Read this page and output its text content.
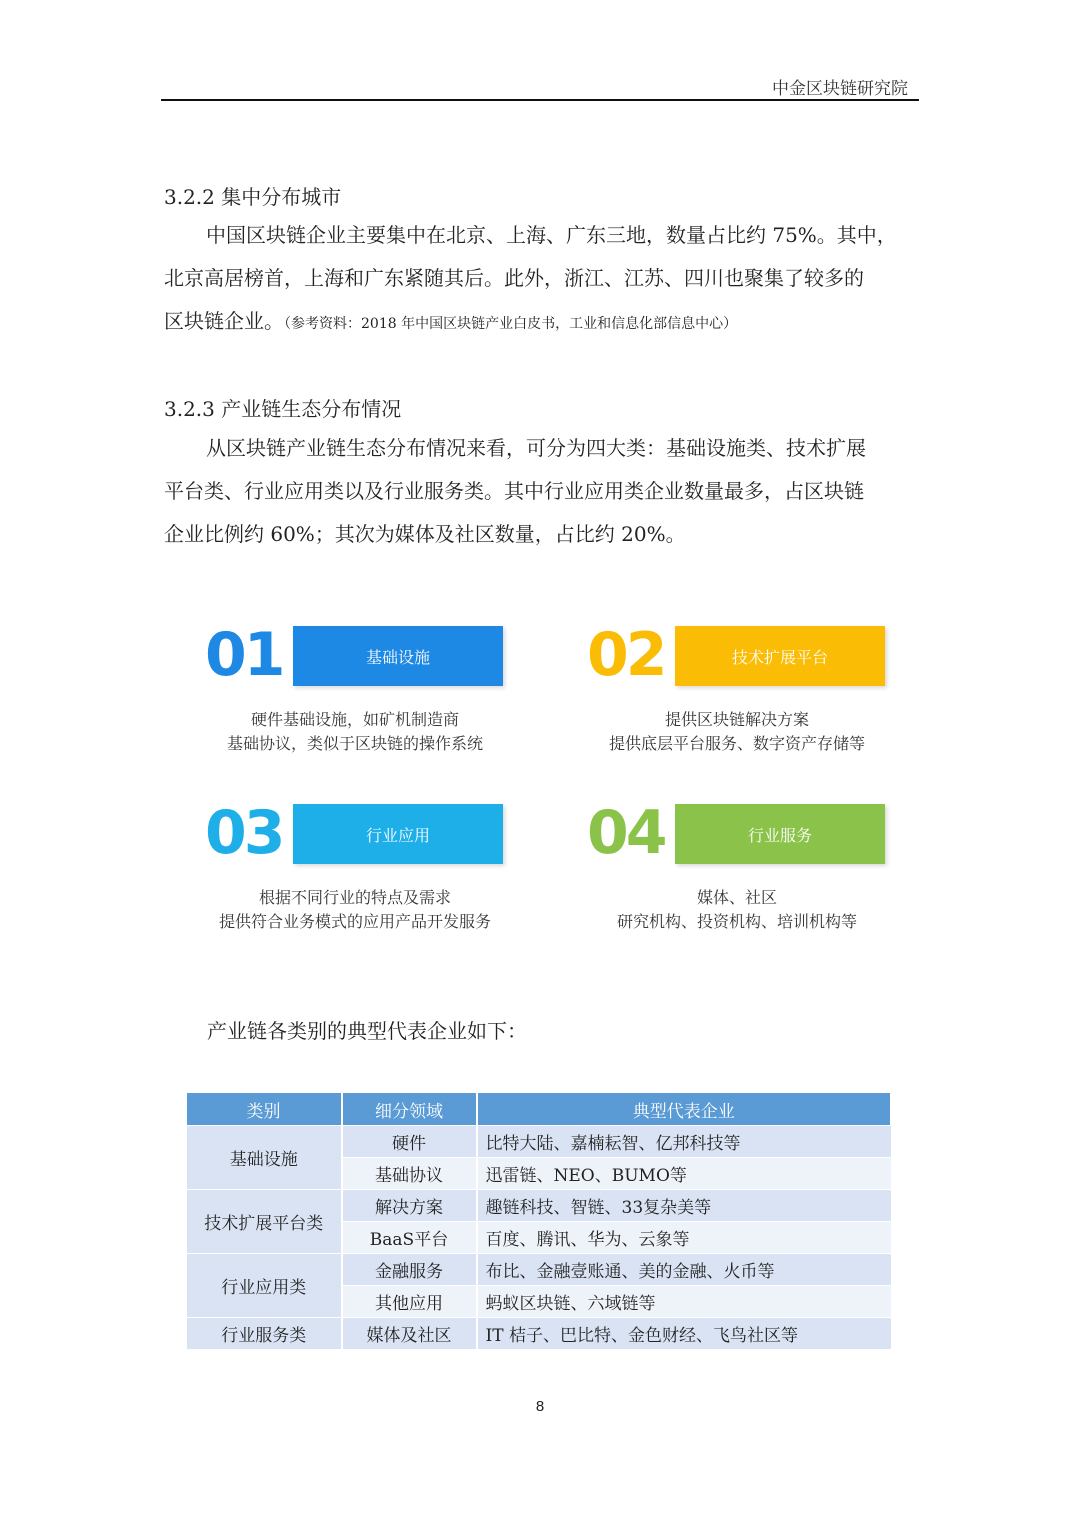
中金区块链研究院
3.2.2 集中分布城市
中国区块链企业主要集中在北京、上海、广东三地，数量占比约 75%。其中，
北京高居榜首，上海和广东紧随其后。此外，浙江、江苏、四川也聚集了较多的
区块链企业。（参考资料：2018 年中国区块链产业白皮书，工业和信息化部信息中心）
3.2.3 产业链生态分布情况
从区块链产业链生态分布情况来看，可分为四大类：基础设施类、技术扩展
平台类、行业应用类以及行业服务类。其中行业应用类企业数量最多，占区块链
企业比例约 60%；其次为媒体及社区数量，占比约 20%。
01	基础设施
硬件基础设施，如矿机制造商
基础协议，类似于区块链的操作系统
02	技术扩展平台
提供区块链解决方案
提供底层平台服务、数字资产存储等
03	行业应用
根据不同行业的特点及需求
提供符合业务模式的应用产品开发服务
04	行业服务
媒体、社区
研究机构、投资机构、培训机构等
产业链各类别的典型代表企业如下：
类别	细分领域	典型代表企业
基础设施	硬件	比特大陆、嘉楠耘智、亿邦科技等
	基础协议	迅雷链、NEO、BUMO等
技术扩展平台类	解决方案	趣链科技、智链、33复杂美等
	BaaS平台	百度、腾讯、华为、云象等
行业应用类	金融服务	布比、金融壹账通、美的金融、火币等
	其他应用	蚂蚁区块链、六域链等
行业服务类	媒体及社区	IT 桔子、巴比特、金色财经、飞鸟社区等
8
